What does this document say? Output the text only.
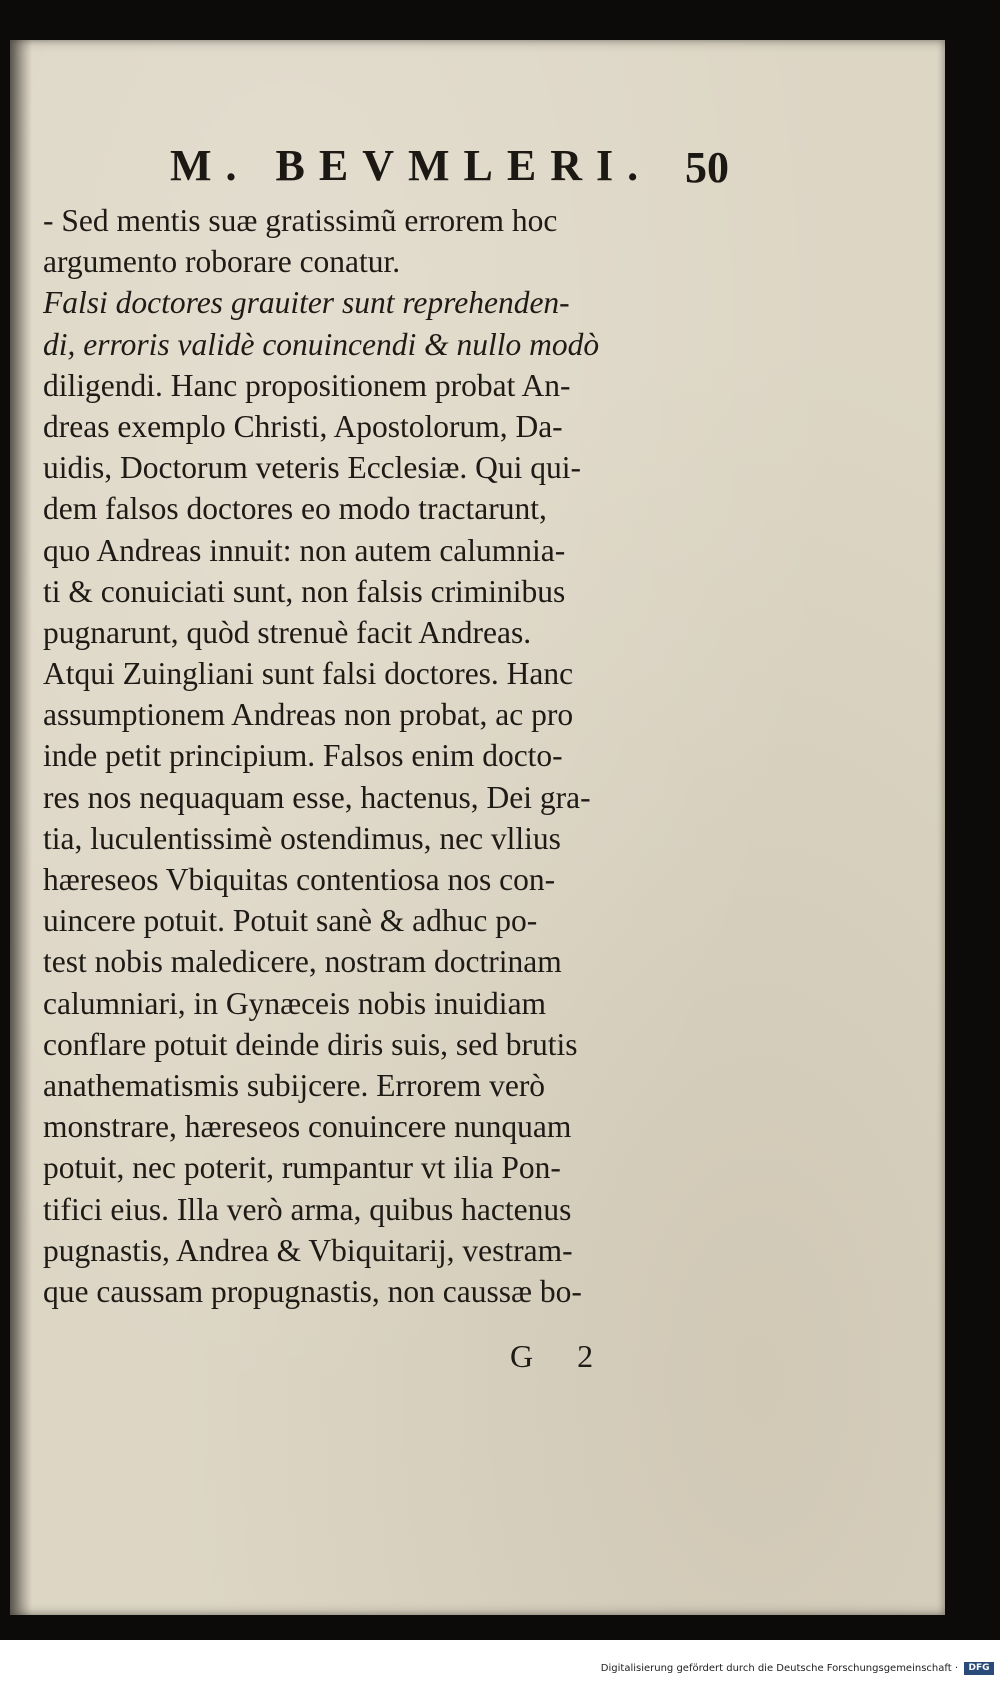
M. BEVMLERI. 50
- Sed mentis suæ gratissimũ errorem hoc
argumento roborare conatur.
Falsi doctores grauiter sunt reprehenden-
di, erroris validè conuincendi & nullo modò
diligendi. Hanc propositionem probat An-
dreas exemplo Christi, Apostolorum, Da-
uidis, Doctorum veteris Ecclesiæ. Qui qui-
dem falsos doctores eo modo tractarunt,
quo Andreas innuit: non autem calumnia-
ti & conuiciati sunt, non falsis criminibus
pugnarunt, quòd strenuè facit Andreas.
Atqui Zuingliani sunt falsi doctores. Hanc
assumptionem Andreas non probat, ac pro
inde petit principium. Falsos enim docto-
res nos nequaquam esse, hactenus, Dei gra-
tia, luculentissimè ostendimus, nec vllius
hæreseos Vbiquitas contentiosa nos con-
uincere potuit. Potuit sanè & adhuc po-
test nobis maledicere, nostram doctrinam
calumniari, in Gynæceis nobis inuidiam
conflare potuit deinde diris suis, sed brutis
anathematismis subijcere. Errorem verò
monstrare, hæreseos conuincere nunquam
potuit, nec poterit, rumpantur vt ilia Pon-
tifici eius. Illa verò arma, quibus hactenus
pugnastis, Andrea & Vbiquitarij, vestram-
que caussam propugnastis, non caussæ bo-
G 2
Digitalisierung gefördert durch die Deutsche Forschungsgemeinschaft ·	DFG
